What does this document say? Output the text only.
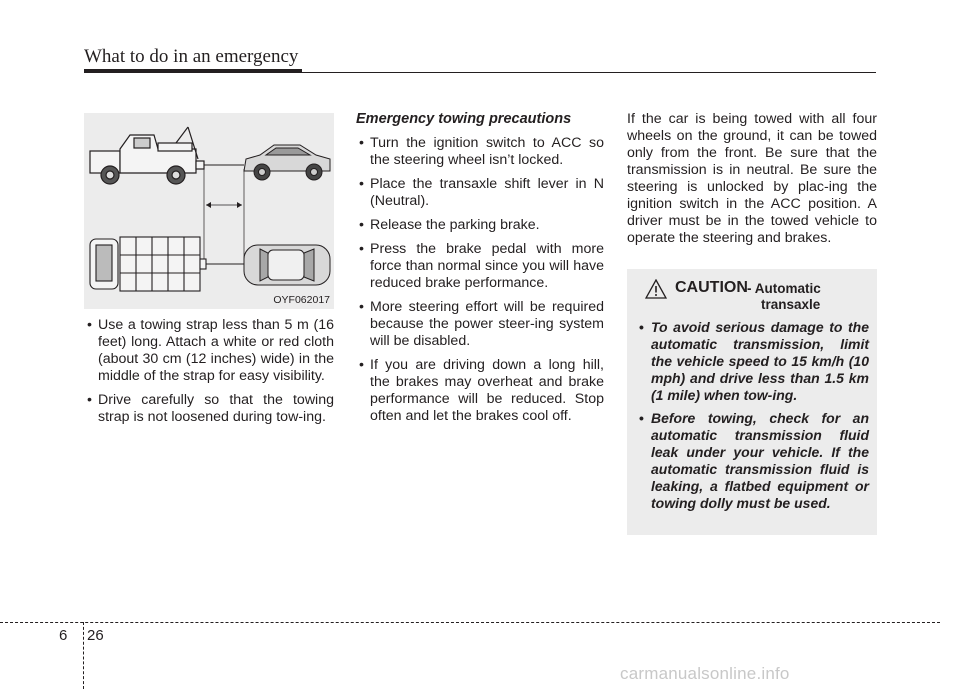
What to do in an emergency
OYF062017
• Use a towing strap less than 5 m (16 feet) long. Attach a white or red cloth (about 30 cm (12 inches) wide) in the middle of the strap for easy visibility.
• Drive carefully so that the towing strap is not loosened during tow-ing.
Emergency towing precautions
• Turn the ignition switch to ACC so the steering wheel isn’t locked.
• Place the transaxle shift lever in N (Neutral).
• Release the parking brake.
• Press the brake pedal with more force than normal since you will have reduced brake performance.
• More steering effort will be required because the power steer-ing system will be disabled.
• If you are driving down a long hill, the brakes may overheat and brake performance will be reduced. Stop often and let the brakes cool off.

If the car is being towed with all four wheels on the ground, it can be towed only from the front. Be sure that the transmission is in neutral. Be sure the steering is unlocked by plac-ing the ignition switch in the ACC position. A driver must be in the towed vehicle to operate the steering and brakes.

CAUTION - Automatic
transaxle
• To avoid serious damage to the automatic transmission, limit the vehicle speed to 15 km/h (10 mph) and drive less than 1.5 km (1 mile) when tow-ing.
• Before towing, check for an automatic transmission fluid leak under your vehicle. If the automatic transmission fluid is leaking, a flatbed equipment or towing dolly must be used.
6 26
carmanualsonline.info
